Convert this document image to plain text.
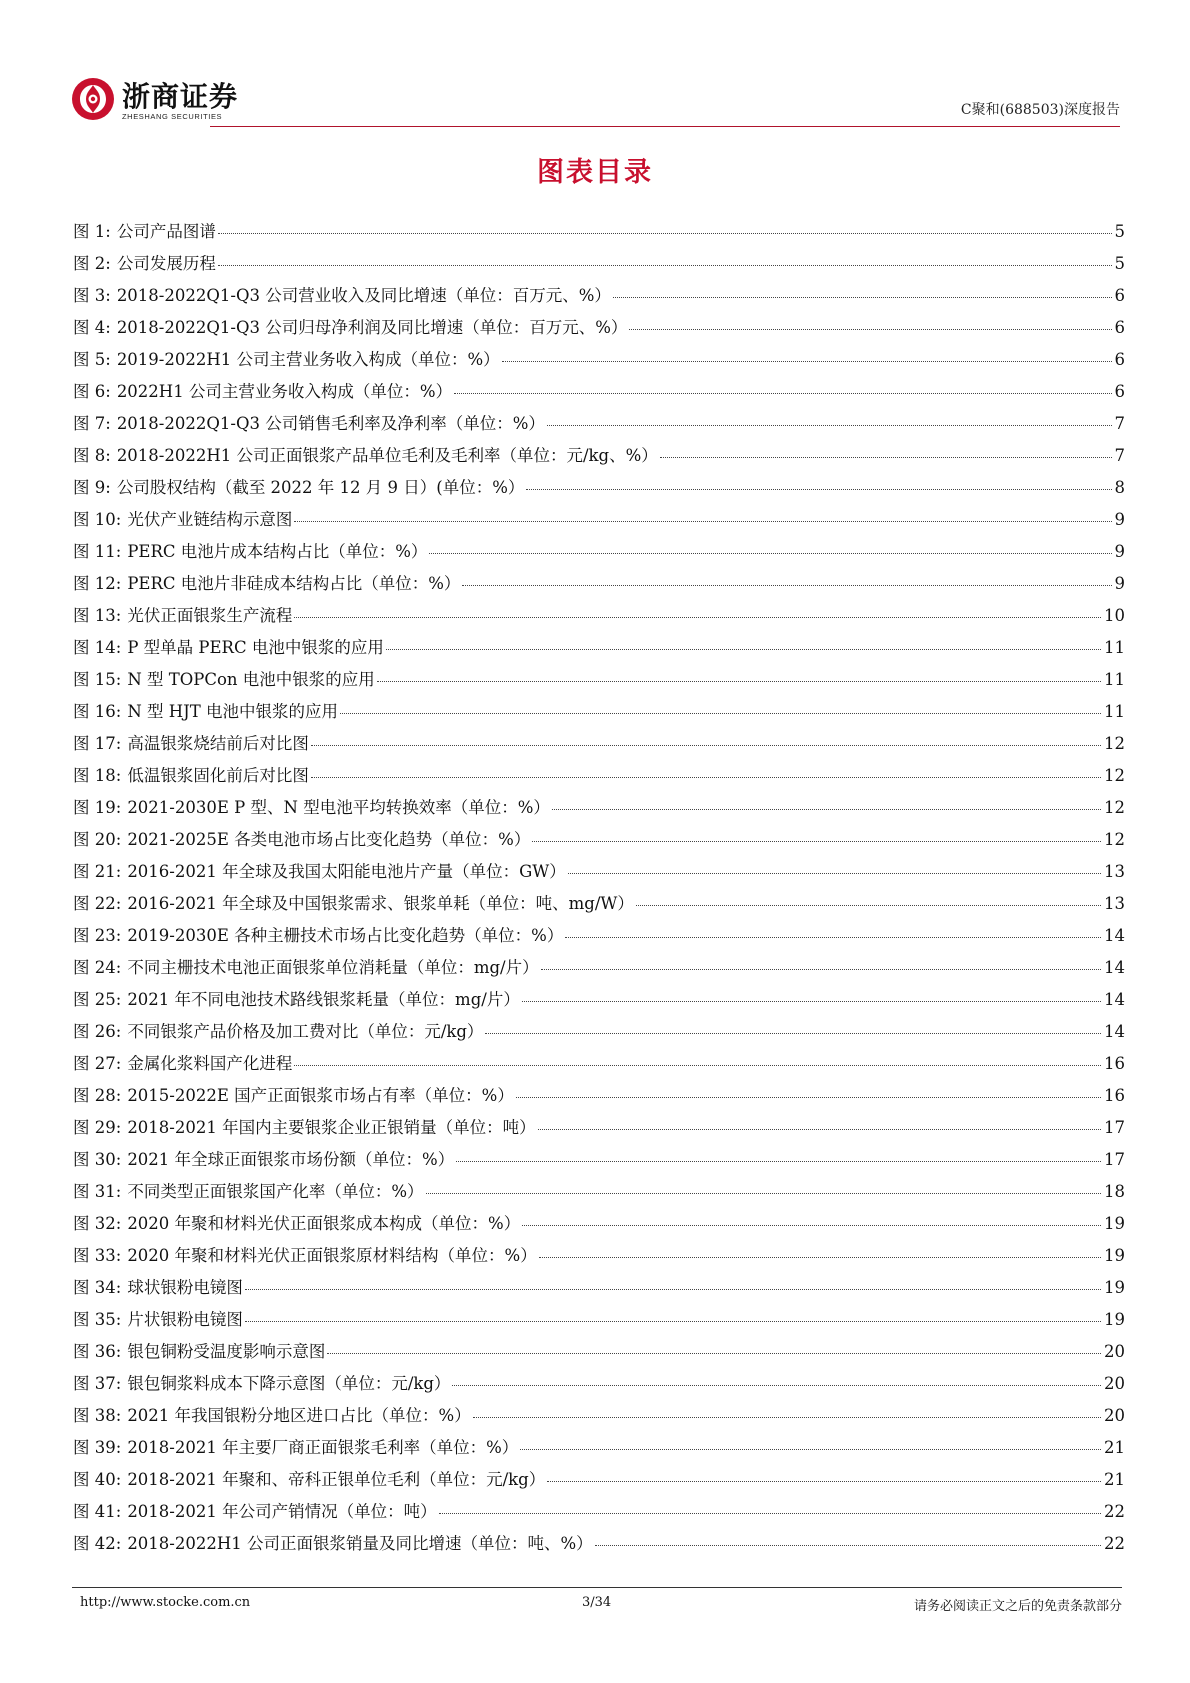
浙商证券
ZHESHANG SECURITIES	C聚和(688503)深度报告
图表目录
图 1: 公司产品图谱	5
图 2: 公司发展历程	5
图 3: 2018-2022Q1-Q3 公司营业收入及同比增速（单位：百万元、%）	6
图 4: 2018-2022Q1-Q3 公司归母净利润及同比增速（单位：百万元、%）	6
图 5: 2019-2022H1 公司主营业务收入构成（单位：%）	6
图 6: 2022H1 公司主营业务收入构成（单位：%）	6
图 7: 2018-2022Q1-Q3 公司销售毛利率及净利率（单位：%）	7
图 8: 2018-2022H1 公司正面银浆产品单位毛利及毛利率（单位：元/kg、%）	7
图 9: 公司股权结构（截至 2022 年 12 月 9 日）(单位：%）	8
图 10: 光伏产业链结构示意图	9
图 11: PERC 电池片成本结构占比（单位：%）	9
图 12: PERC 电池片非硅成本结构占比（单位：%）	9
图 13: 光伏正面银浆生产流程	10
图 14: P 型单晶 PERC 电池中银浆的应用	11
图 15: N 型 TOPCon 电池中银浆的应用	11
图 16: N 型 HJT 电池中银浆的应用	11
图 17: 高温银浆烧结前后对比图	12
图 18: 低温银浆固化前后对比图	12
图 19: 2021-2030E P 型、N 型电池平均转换效率（单位：%）	12
图 20: 2021-2025E 各类电池市场占比变化趋势（单位：%）	12
图 21: 2016-2021 年全球及我国太阳能电池片产量（单位：GW）	13
图 22: 2016-2021 年全球及中国银浆需求、银浆单耗（单位：吨、mg/W）	13
图 23: 2019-2030E 各种主栅技术市场占比变化趋势（单位：%）	14
图 24: 不同主栅技术电池正面银浆单位消耗量（单位：mg/片）	14
图 25: 2021 年不同电池技术路线银浆耗量（单位：mg/片）	14
图 26: 不同银浆产品价格及加工费对比（单位：元/kg）	14
图 27: 金属化浆料国产化进程	16
图 28: 2015-2022E 国产正面银浆市场占有率（单位：%）	16
图 29: 2018-2021 年国内主要银浆企业正银销量（单位：吨）	17
图 30: 2021 年全球正面银浆市场份额（单位：%）	17
图 31: 不同类型正面银浆国产化率（单位：%）	18
图 32: 2020 年聚和材料光伏正面银浆成本构成（单位：%）	19
图 33: 2020 年聚和材料光伏正面银浆原材料结构（单位：%）	19
图 34: 球状银粉电镜图	19
图 35: 片状银粉电镜图	19
图 36: 银包铜粉受温度影响示意图	20
图 37: 银包铜浆料成本下降示意图（单位：元/kg）	20
图 38: 2021 年我国银粉分地区进口占比（单位：%）	20
图 39: 2018-2021 年主要厂商正面银浆毛利率（单位：%）	21
图 40: 2018-2021 年聚和、帝科正银单位毛利（单位：元/kg）	21
图 41: 2018-2021 年公司产销情况（单位：吨）	22
图 42: 2018-2022H1 公司正面银浆销量及同比增速（单位：吨、%）	22
http://www.stocke.com.cn	3/34	请务必阅读正文之后的免责条款部分
